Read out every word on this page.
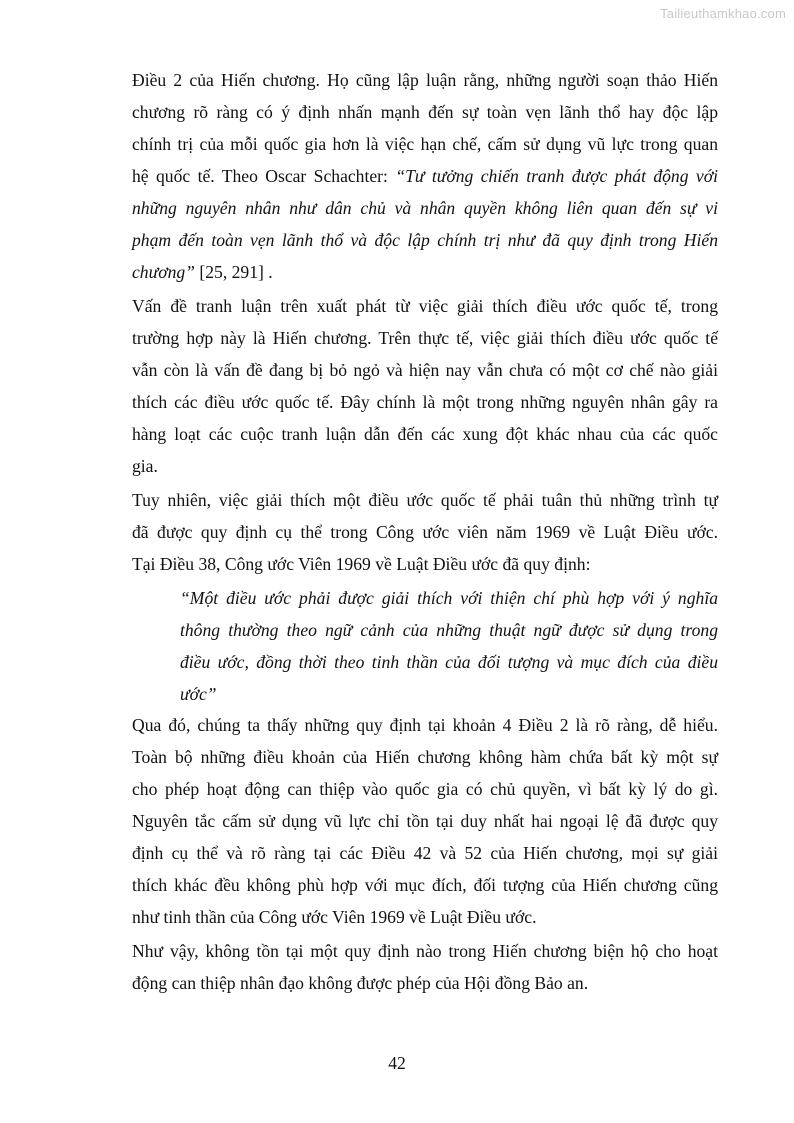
Tailieuthamkhao.com
Điều 2 của Hiến chương. Họ cũng lập luận rằng, những người soạn thảo Hiến
chương rõ ràng có ý định nhấn mạnh đến sự toàn vẹn lãnh thổ hay độc lập
chính trị của mỗi quốc gia hơn là việc hạn chế, cấm sử dụng vũ lực trong quan
hệ quốc tế. Theo Oscar Schachter: “Tư tưởng chiến tranh được phát động với
những nguyên nhân như dân chủ và nhân quyền không liên quan đến sự vi
phạm đến toàn vẹn lãnh thổ và độc lập chính trị như đã quy định trong Hiến
chương” [25, 291] .
Vấn đề tranh luận trên xuất phát từ việc giải thích điều ước quốc tế, trong
trường hợp này là Hiến chương. Trên thực tế, việc giải thích điều ước quốc tế
vẫn còn là vấn đề đang bị bỏ ngỏ và hiện nay vẫn chưa có một cơ chế nào giải
thích các điều ước quốc tế. Đây chính là một trong những nguyên nhân gây ra
hàng loạt các cuộc tranh luận dẫn đến các xung đột khác nhau của các quốc
gia.
Tuy nhiên, việc giải thích một điều ước quốc tế phải tuân thủ những trình tự
đã được quy định cụ thể trong Công ước viên năm 1969 về Luật Điều ước.
Tại Điều 38, Công ước Viên 1969 về Luật Điều ước đã quy định:
“Một điều ước phải được giải thích với thiện chí phù hợp với ý nghĩa
thông thường theo ngữ cảnh của những thuật ngữ được sử dụng trong
điều ước, đồng thời theo tinh thần của đối tượng và mục đích của điều
ước”
Qua đó, chúng ta thấy những quy định tại khoản 4 Điều 2 là rõ ràng, dễ hiểu.
Toàn bộ những điều khoản của Hiến chương không hàm chứa bất kỳ một sự
cho phép hoạt động can thiệp vào quốc gia có chủ quyền, vì bất kỳ lý do gì.
Nguyên tắc cấm sử dụng vũ lực chỉ tồn tại duy nhất hai ngoại lệ đã được quy
định cụ thể và rõ ràng tại các Điều 42 và 52 của Hiến chương, mọi sự giải
thích khác đều không phù hợp với mục đích, đối tượng của Hiến chương cũng
như tinh thần của Công ước Viên 1969 về Luật Điều ước.
Như vậy, không tồn tại một quy định nào trong Hiến chương biện hộ cho hoạt
động can thiệp nhân đạo không được phép của Hội đồng Bảo an.
42
